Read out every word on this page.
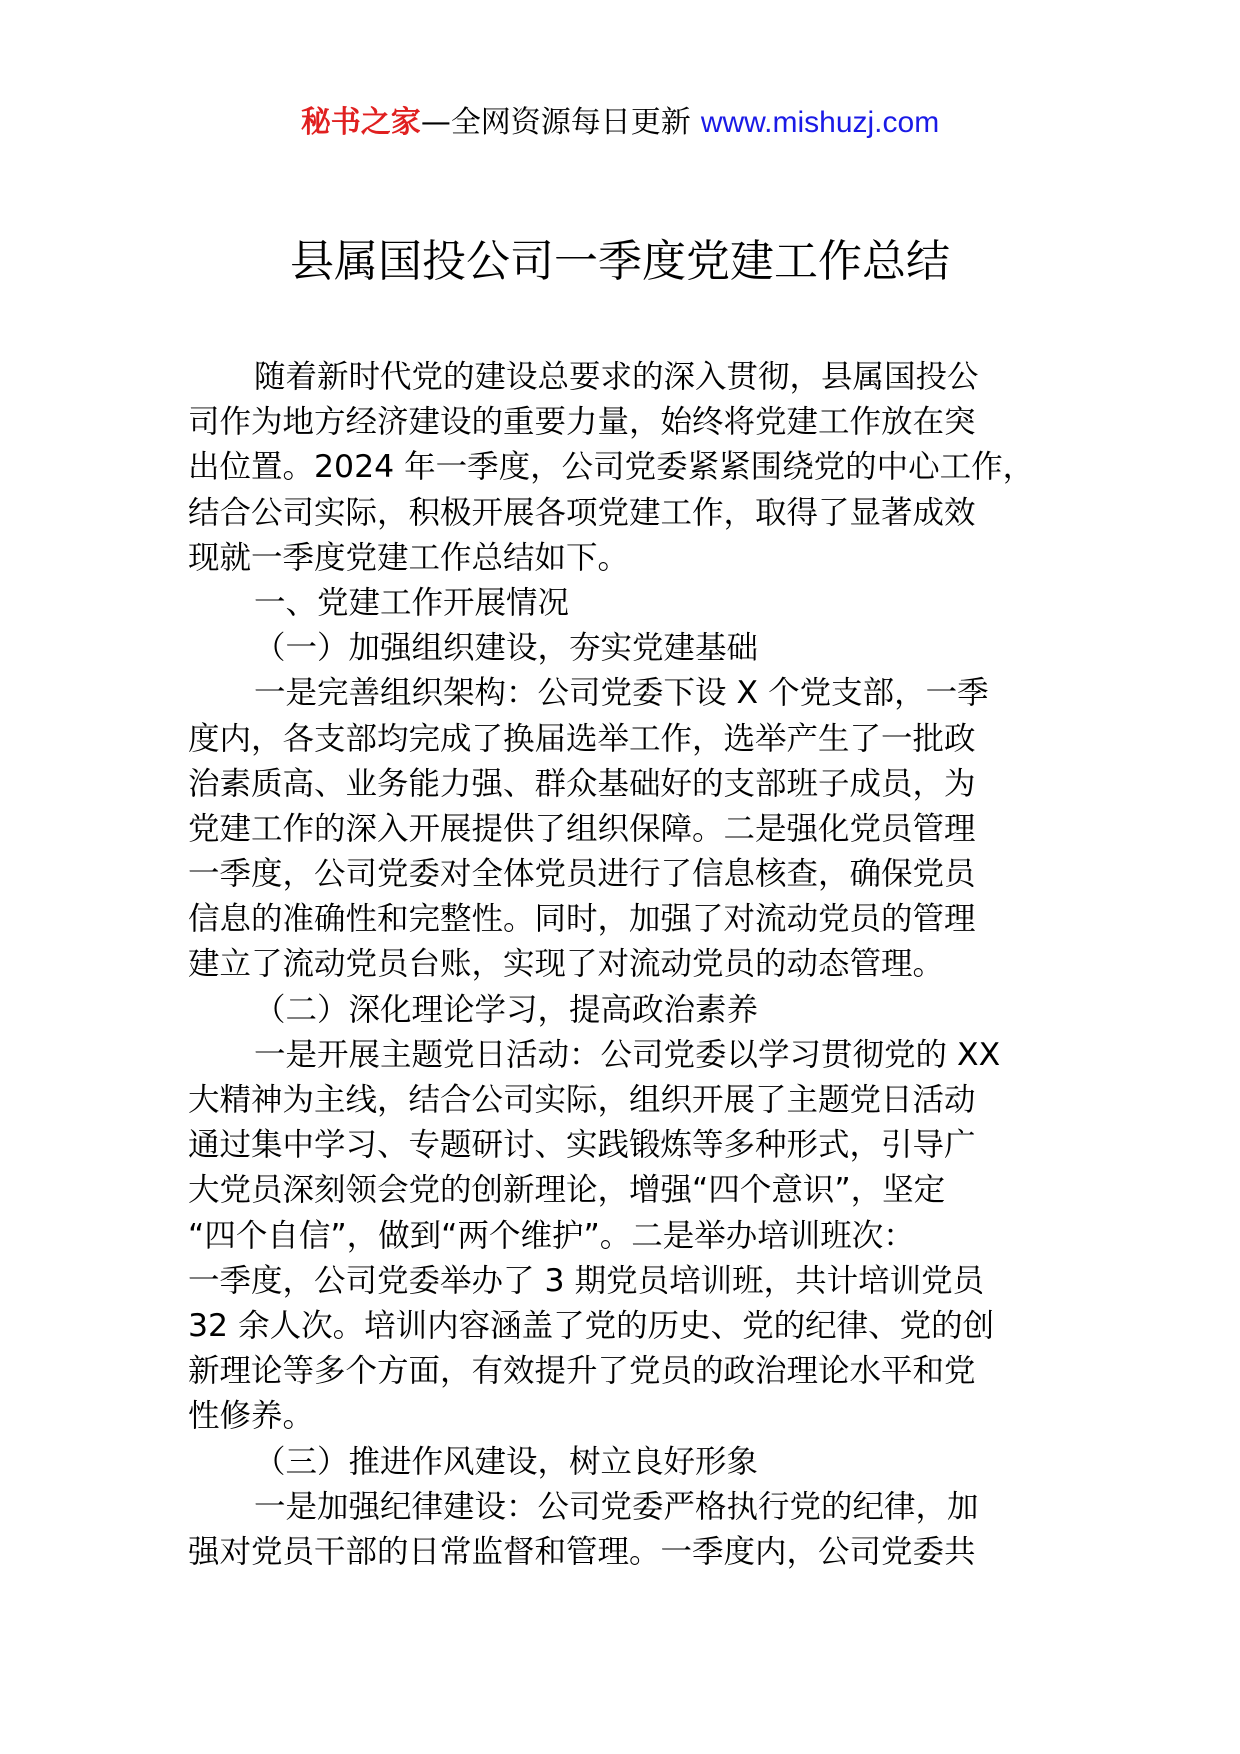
秘书之家—全网资源每日更新 www.mishuzj.com
县属国投公司一季度党建工作总结
随着新时代党的建设总要求的深入贯彻，县属国投公
司作为地方经济建设的重要力量，始终将党建工作放在突
出位置。2024 年一季度，公司党委紧紧围绕党的中心工作，
结合公司实际，积极开展各项党建工作，取得了显著成效
现就一季度党建工作总结如下。
一、党建工作开展情况
（一）加强组织建设，夯实党建基础
一是完善组织架构：公司党委下设 X 个党支部，一季
度内，各支部均完成了换届选举工作，选举产生了一批政
治素质高、业务能力强、群众基础好的支部班子成员，为
党建工作的深入开展提供了组织保障。二是强化党员管理
一季度，公司党委对全体党员进行了信息核查，确保党员
信息的准确性和完整性。同时，加强了对流动党员的管理
建立了流动党员台账，实现了对流动党员的动态管理。
（二）深化理论学习，提高政治素养
一是开展主题党日活动：公司党委以学习贯彻党的 XX
大精神为主线，结合公司实际，组织开展了主题党日活动
通过集中学习、专题研讨、实践锻炼等多种形式，引导广
大党员深刻领会党的创新理论，增强“四个意识”，坚定
“四个自信”，做到“两个维护”。二是举办培训班次：
一季度，公司党委举办了 3 期党员培训班，共计培训党员
32 余人次。培训内容涵盖了党的历史、党的纪律、党的创
新理论等多个方面，有效提升了党员的政治理论水平和党
性修养。
（三）推进作风建设，树立良好形象
一是加强纪律建设：公司党委严格执行党的纪律，加
强对党员干部的日常监督和管理。一季度内，公司党委共
